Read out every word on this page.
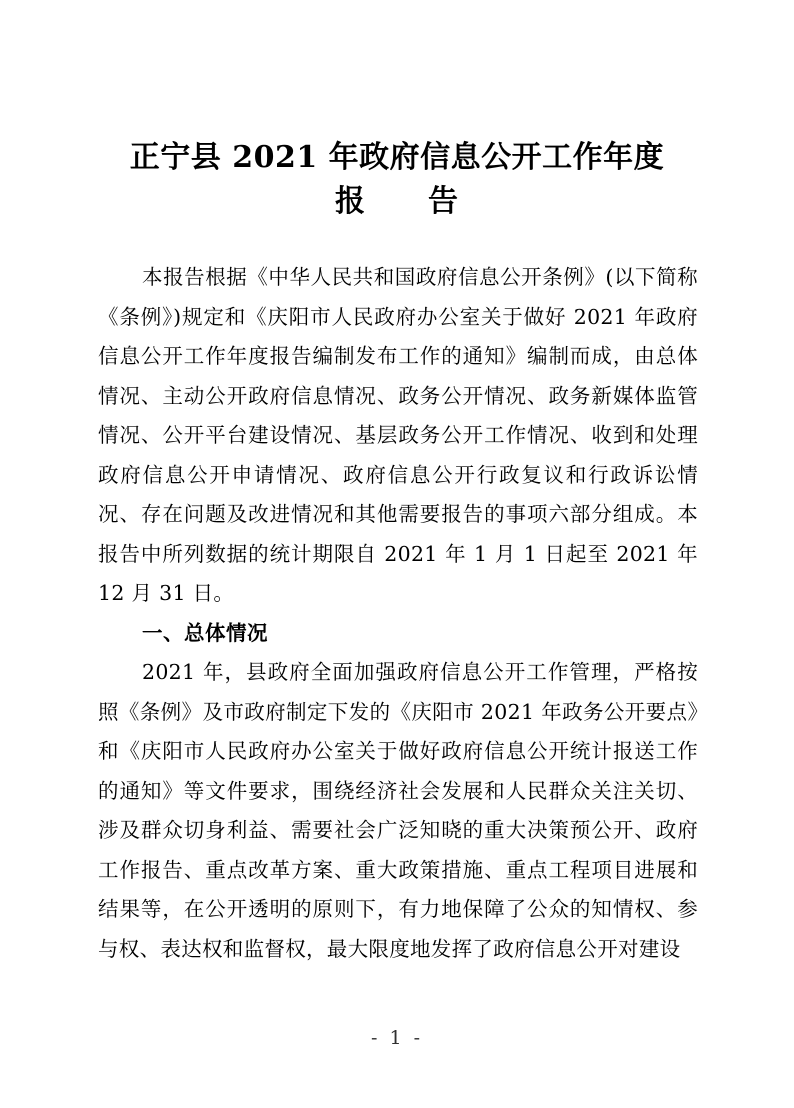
正宁县 2021 年政府信息公开工作年度
报　　告

本报告根据《中华人民共和国政府信息公开条例》(以下简称《条例》)规定和《庆阳市人民政府办公室关于做好 2021 年政府信息公开工作年度报告编制发布工作的通知》编制而成，由总体情况、主动公开政府信息情况、政务公开情况、政务新媒体监管情况、公开平台建设情况、基层政务公开工作情况、收到和处理政府信息公开申请情况、政府信息公开行政复议和行政诉讼情况、存在问题及改进情况和其他需要报告的事项六部分组成。本报告中所列数据的统计期限自 2021 年 1 月 1 日起至 2021 年 12 月 31 日。

一、总体情况

2021 年，县政府全面加强政府信息公开工作管理，严格按照《条例》及市政府制定下发的《庆阳市 2021 年政务公开要点》和《庆阳市人民政府办公室关于做好政府信息公开统计报送工作的通知》等文件要求，围绕经济社会发展和人民群众关注关切、涉及群众切身利益、需要社会广泛知晓的重大决策预公开、政府工作报告、重点改革方案、重大政策措施、重点工程项目进展和结果等，在公开透明的原则下，有力地保障了公众的知情权、参与权、表达权和监督权，最大限度地发挥了政府信息公开对建设

- 1 -
